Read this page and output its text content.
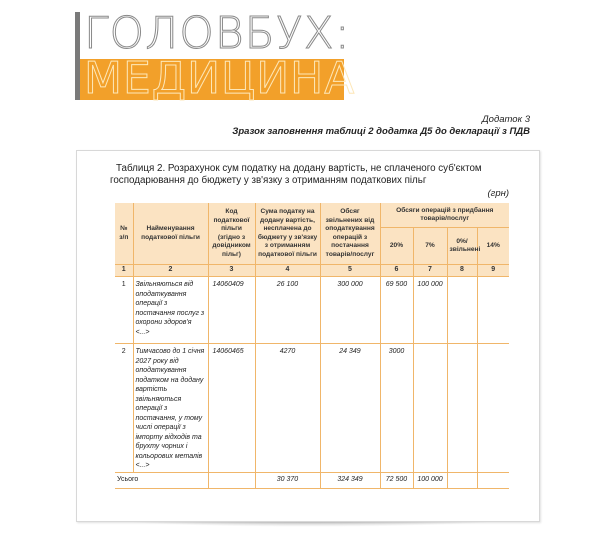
ГОЛОВБУХ:
МЕДИЦИНА
Додаток 3
Зразок заповнення таблиці 2 додатка Д5 до декларації з ПДВ
Таблиця 2. Розрахунок сум податку на додану вартість, не сплаченого суб'єктом господарювання до бюджету у зв'язку з отриманням податкових пільг
(грн)
№ з/п	Найменування податкової пільги	Код податкової пільги (згідно з довідником пільг)	Сума податку на додану вартість, несплачена до бюджету у зв'язку з отриманням податкової пільги	Обсяг звільнених від оподаткування операцій з постачання товарів/послуг	Обсяги операцій з придбання товарів/послуг			
					20%	7%	0%/ звільнені	14%
1	2	3	4	5	6	7	8	9
1	Звільняються від оподаткування операції з постачання послуг з охорони здоров'я <...>	14060409	26 100	300 000	69 500	100 000		
2	Тимчасово до 1 січня 2027 року від оподаткування податком на додану вартість звільняються операції з постачання, у тому числі операції з імпорту відходів та брухту чорних і кольорових металів <...>	14060465	4270	24 349	3000			
Усього			30 370	324 349	72 500	100 000		
